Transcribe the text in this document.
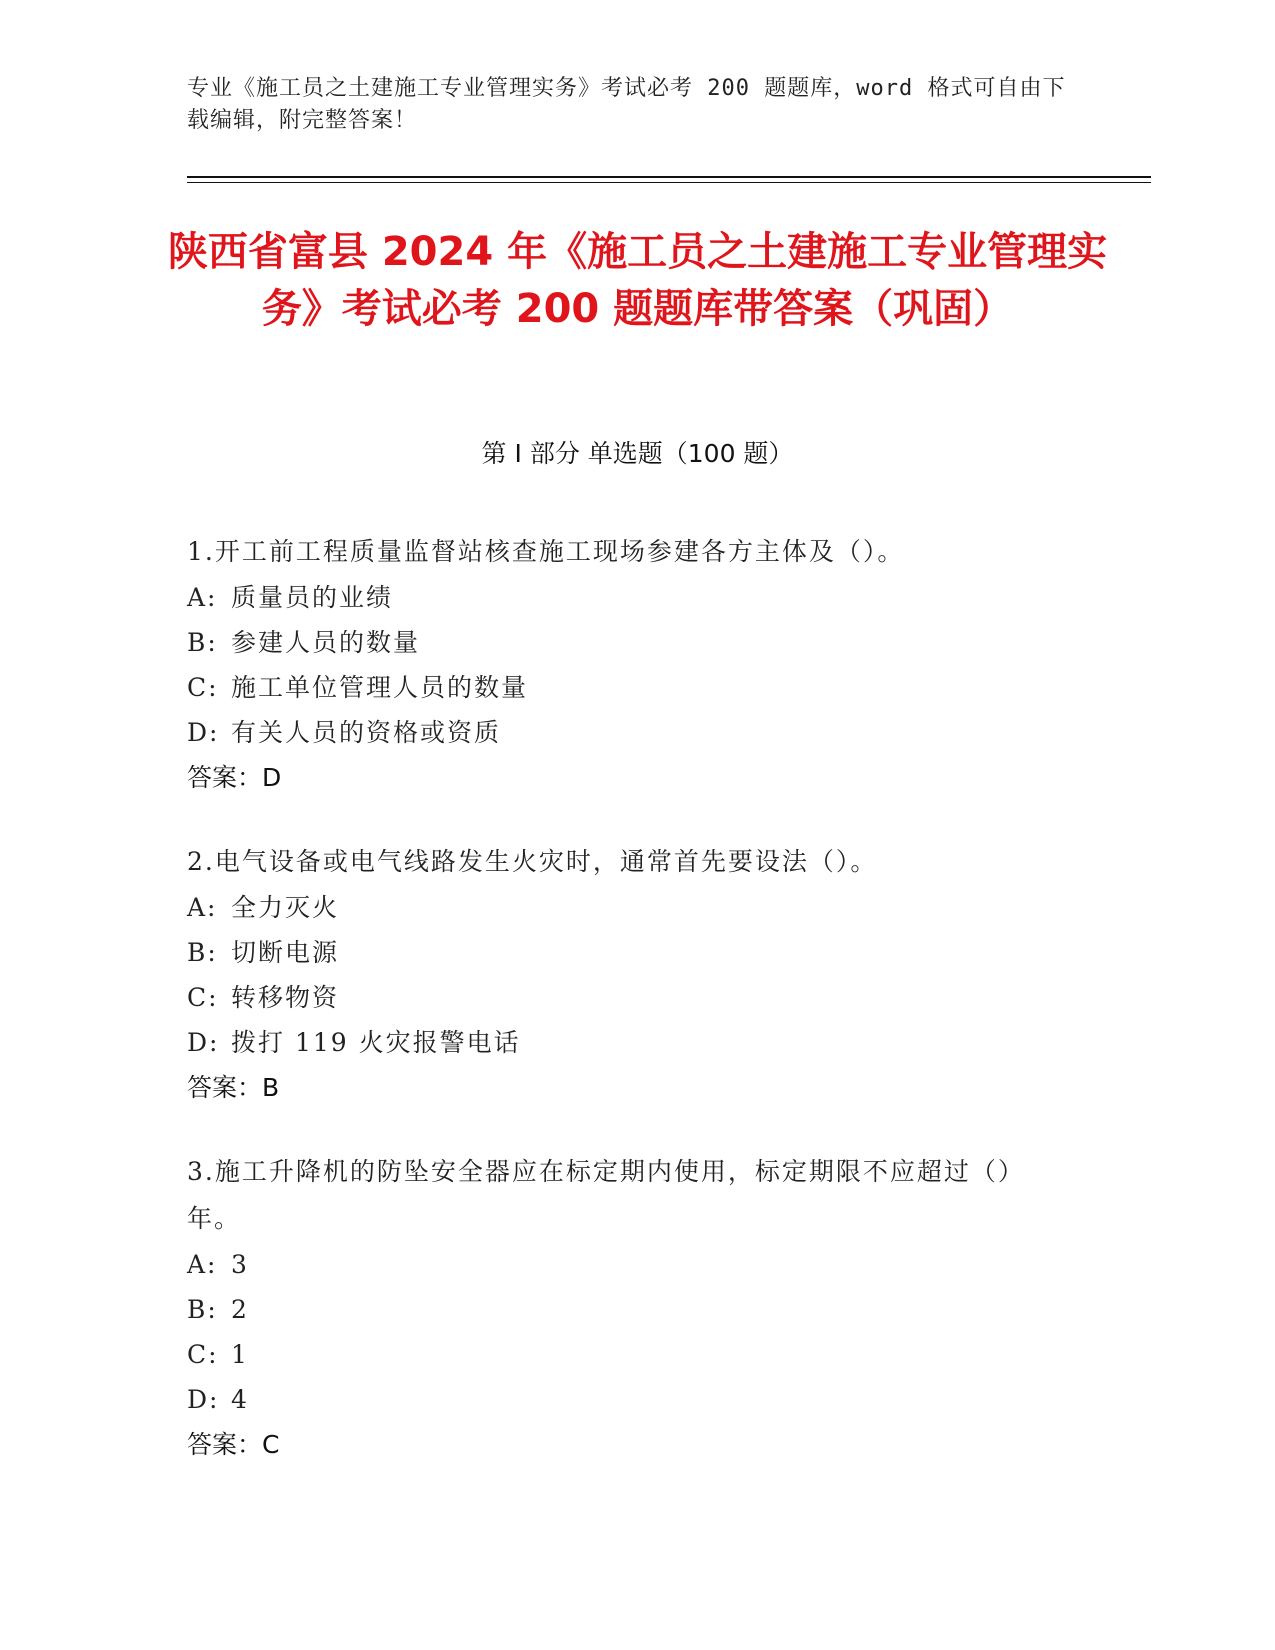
专业《施工员之土建施工专业管理实务》考试必考 200 题题库，word 格式可自由下载编辑，附完整答案！
陕西省富县 2024 年《施工员之土建施工专业管理实务》考试必考 200 题题库带答案（巩固）
第 I 部分 单选题（100 题）
1.开工前工程质量监督站核查施工现场参建各方主体及（）。
A: 质量员的业绩
B: 参建人员的数量
C: 施工单位管理人员的数量
D: 有关人员的资格或资质
答案：D
2.电气设备或电气线路发生火灾时，通常首先要设法（）。
A: 全力灭火
B: 切断电源
C: 转移物资
D: 拨打 119 火灾报警电话
答案：B
3.施工升降机的防坠安全器应在标定期内使用，标定期限不应超过（）年。
A: 3
B: 2
C: 1
D: 4
答案：C
